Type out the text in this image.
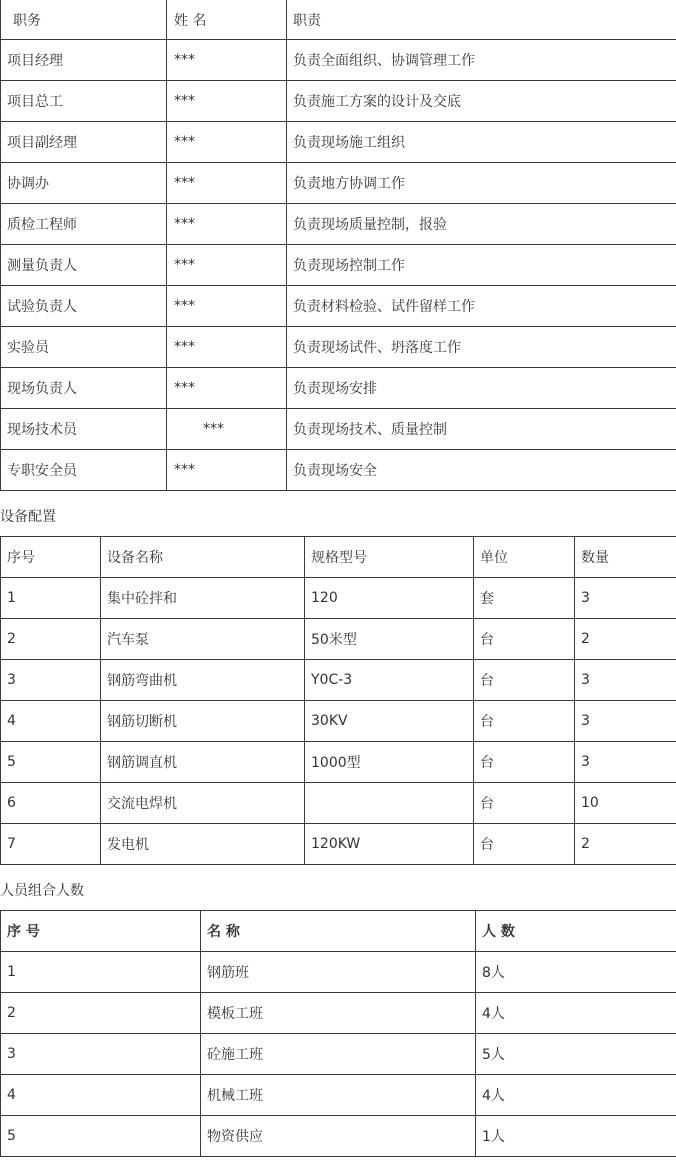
职务	姓 名	职责
项目经理	***	负责全面组织、协调管理工作
项目总工	***	负责施工方案的设计及交底
项目副经理	***	负责现场施工组织
协调办	***	负责地方协调工作
质检工程师	***	负责现场质量控制，报验
测量负责人	***	负责现场控制工作
试验负责人	***	负责材料检验、试件留样工作
实验员	***	负责现场试件、坍落度工作
现场负责人	***	负责现场安排
现场技术员	***	负责现场技术、质量控制
专职安全员	***	负责现场安全
设备配置
序号	设备名称	规格型号	单位	数量
1	集中砼拌和	120	套	3
2	汽车泵	50米型	台	2
3	钢筋弯曲机	Y0C-3	台	3
4	钢筋切断机	30KV	台	3
5	钢筋调直机	1000型	台	3
6	交流电焊机		台	10
7	发电机	120KW	台	2
人员组合人数
序 号	名 称	人 数
1	钢筋班	8人
2	模板工班	4人
3	砼施工班	5人
4	机械工班	4人
5	物资供应	1人
